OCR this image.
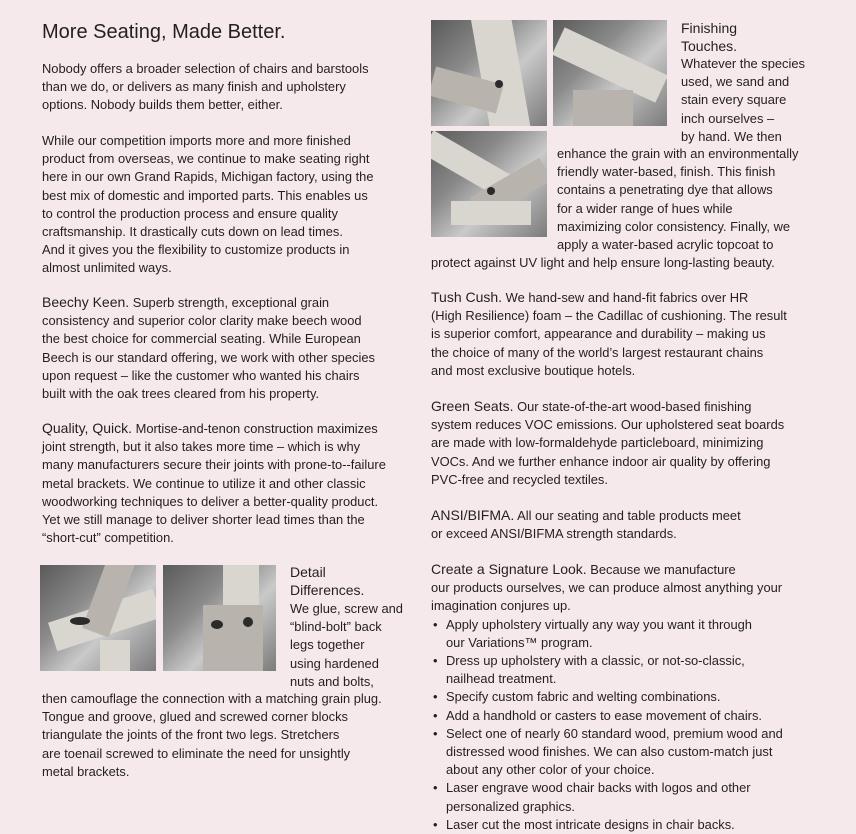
More Seating, Made Better.
Nobody offers a broader selection of chairs and barstools
than we do, or delivers as many finish and upholstery
options. Nobody builds them better, either.
While our competition imports more and more finished
product from overseas, we continue to make seating right
here in our own Grand Rapids, Michigan factory, using the
best mix of domestic and imported parts. This enables us
to control the production process and ensure quality
craftsmanship. It drastically cuts down on lead times.
And it gives you the flexibility to customize products in
almost unlimited ways.
Beechy Keen. Superb strength, exceptional grain
consistency and superior color clarity make beech wood
the best choice for commercial seating. While European
Beech is our standard offering, we work with other species
upon request – like the customer who wanted his chairs
built with the oak trees cleared from his property.
Quality, Quick. Mortise-and-tenon construction maximizes
joint strength, but it also takes more time – which is why
many manufacturers secure their joints with prone-to--failure
metal brackets. We continue to utilize it and other classic
woodworking techniques to deliver a better-quality product.
Yet we still manage to deliver shorter lead times than the
“short-cut” competition.
Detail
Differences.
We glue, screw and
“blind-bolt” back
legs together
using hardened
nuts and bolts,
then camouflage the connection with a matching grain plug.
Tongue and groove, glued and screwed corner blocks
triangulate the joints of the front two legs. Stretchers
are toenail screwed to eliminate the need for unsightly
metal brackets.
Finishing
Touches.
Whatever the species
used, we sand and
stain every square
inch ourselves –
by hand. We then
enhance the grain with an environmentally
friendly water-based, finish. This finish
contains a penetrating dye that allows
for a wider range of hues while
maximizing color consistency. Finally, we
apply a water-based acrylic topcoat to
protect against UV light and help ensure long-lasting beauty.
Tush Cush. We hand-sew and hand-fit fabrics over HR
(High Resilience) foam – the Cadillac of cushioning. The result
is superior comfort, appearance and durability – making us
the choice of many of the world’s largest restaurant chains
and most exclusive boutique hotels.
Green Seats. Our state-of-the-art wood-based finishing
system reduces VOC emissions. Our upholstered seat boards
are made with low-formaldehyde particleboard, minimizing
VOCs. And we further enhance indoor air quality by offering
PVC-free and recycled textiles.
ANSI/BIFMA. All our seating and table products meet
or exceed ANSI/BIFMA strength standards.
Create a Signature Look. Because we manufacture
our products ourselves, we can produce almost anything your
imagination conjures up.
• Apply upholstery virtually any way you want it through
our Variations™ program.
• Dress up upholstery with a classic, or not-so-classic,
nailhead treatment.
• Specify custom fabric and welting combinations.
• Add a handhold or casters to ease movement of chairs.
• Select one of nearly 60 standard wood, premium wood and
distressed wood finishes. We can also custom-match just
about any other color of your choice.
• Laser engrave wood chair backs with logos and other
personalized graphics.
• Laser cut the most intricate designs in chair backs.
